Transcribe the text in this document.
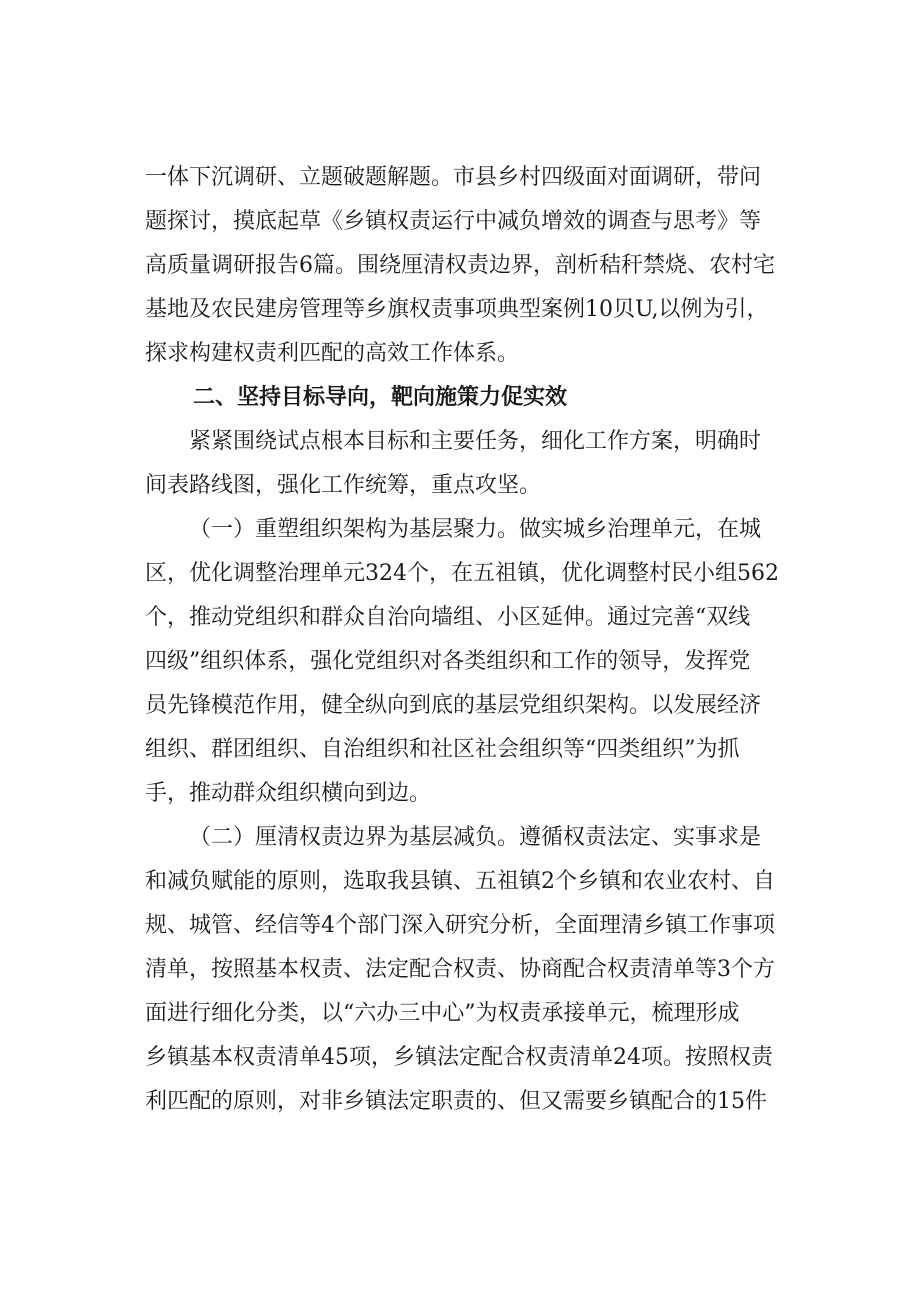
一体下沉调研、立题破题解题。市县乡村四级面对面调研，带问
题探讨，摸底起草《乡镇权责运行中减负增效的调查与思考》等
高质量调研报告6篇。围绕厘清权责边界，剖析秸秆禁烧、农村宅
基地及农民建房管理等乡旗权责事项典型案例10贝U,以例为引，
探求构建权责利匹配的高效工作体系。
二、坚持目标导向，靶向施策力促实效
紧紧围绕试点根本目标和主要任务，细化工作方案，明确时
间表路线图，强化工作统筹，重点攻坚。
（一）重塑组织架构为基层聚力。做实城乡治理单元，在城
区，优化调整治理单元324个，在五祖镇，优化调整村民小组562
个，推动党组织和群众自治向墙组、小区延伸。通过完善“双线
四级”组织体系，强化党组织对各类组织和工作的领导，发挥党
员先锋模范作用，健全纵向到底的基层党组织架构。以发展经济
组织、群团组织、自治组织和社区社会组织等“四类组织”为抓
手，推动群众组织横向到边。
（二）厘清权责边界为基层减负。遵循权责法定、实事求是
和减负赋能的原则，选取我县镇、五祖镇2个乡镇和农业农村、自
规、城管、经信等4个部门深入研究分析，全面理清乡镇工作事项
清单，按照基本权责、法定配合权责、协商配合权责清单等3个方
面进行细化分类，以“六办三中心”为权责承接单元，梳理形成
乡镇基本权责清单45项，乡镇法定配合权责清单24项。按照权责
利匹配的原则，对非乡镇法定职责的、但又需要乡镇配合的15件
